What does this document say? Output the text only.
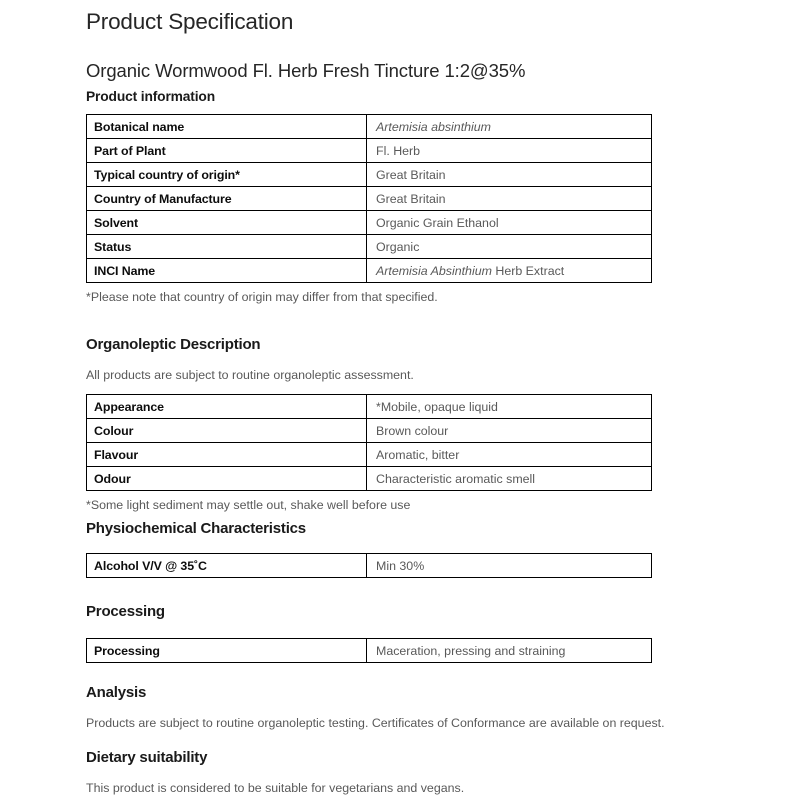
Product Specification
Organic Wormwood Fl. Herb Fresh Tincture 1:2@35%
Product information
Botanical name	Artemisia absinthium
Part of Plant	Fl. Herb
Typical country of origin*	Great Britain
Country of Manufacture	Great Britain
Solvent	Organic Grain Ethanol
Status	Organic
INCI Name	Artemisia Absinthium Herb Extract

*Please note that country of origin may differ from that specified.

Organoleptic Description

All products are subject to routine organoleptic assessment.

Appearance	*Mobile, opaque liquid
Colour	Brown colour
Flavour	Aromatic, bitter
Odour	Characteristic aromatic smell

*Some light sediment may settle out, shake well before use

Physiochemical Characteristics
Alcohol V/V @ 35˚C	Min 30%
Processing
Processing	Maceration, pressing and straining
Analysis

Products are subject to routine organoleptic testing. Certificates of Conformance are available on request.

Dietary suitability

This product is considered to be suitable for vegetarians and vegans.
